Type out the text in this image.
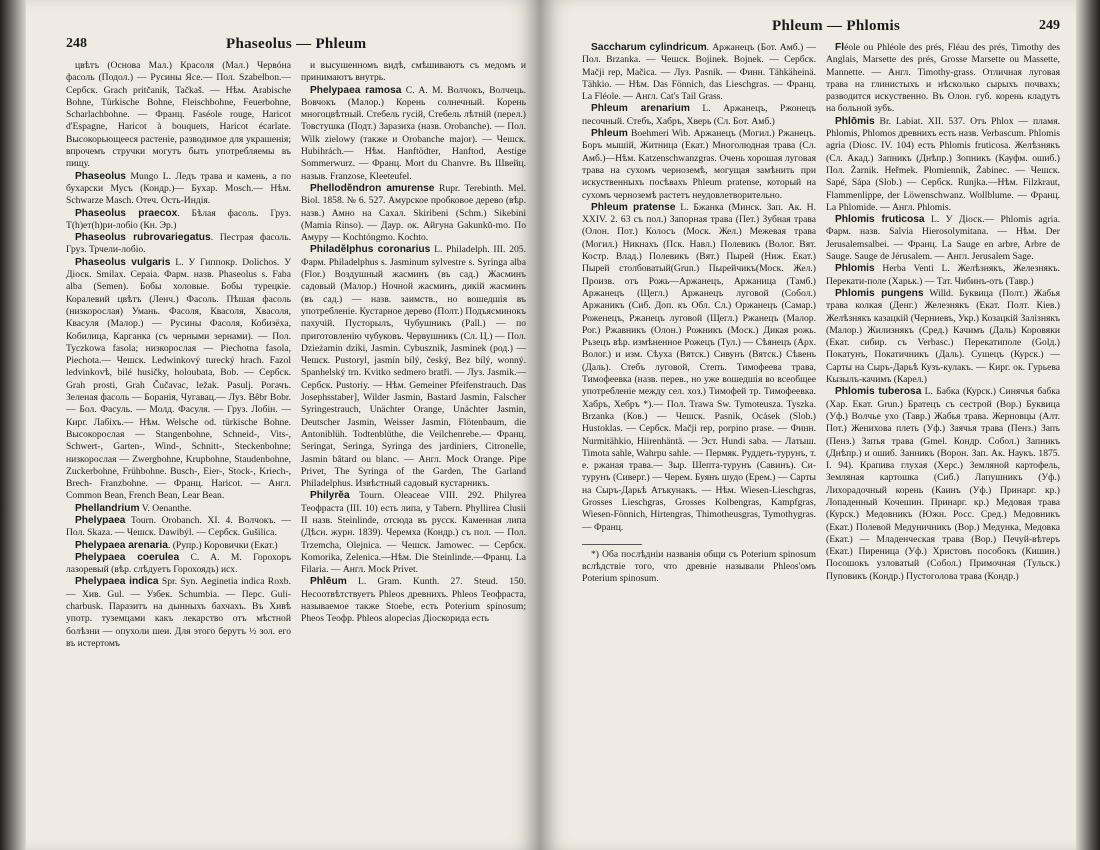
248	Phaseolus — Phleum

цвѣтъ (Основа Мал.) Красоля (Мал.) Червóна фасоль (Подол.) — Русины Ясе.— Пол. Szabelbon.— Сербск. Grach pritčanik, Tačkaš. — Нѣм. Arabische Bohne, Türkische Bohne, Fleischbohne, Feuerbohne, Scharlachbohne. — Франц. Faséole rouge, Haricot d'Espagne, Haricot à bouquets, Haricot écarlate. Высокорьющееся растеніе, разводимое для украшенія; впрочемъ стручки могутъ быть употребляемы въ пищу.

Phaseolus Mungo L. Ледъ трава и камень, а по бухарски Мусъ (Кондр.)— Бухар. Mosch.— Нѣм. Schwarze Masch. Отеч. Ость-Индія.

Phaseolus praecox. Бѣлая фасоль. Груз. Т(h)ет(h)ри-лобіо (Кн. Эр.)

Phaseolus rubrovariegatus. Пестрая фасоль. Груз. Трчели-лобіо.

Phaseolus vulgaris L. У Гиппокр. Dolichos. У Діоск. Smilax. Cepaia. Фарм. назв. Phaseolus s. Faba alba (Semen). Бобы холовые. Бобы турецкіе. Коралевий цвѣтъ (Ленч.) Фасоль. Пѣшая фасоль (низкорослая) Умань. Фасоля, Квасоля, Хвасоля, Квасуля (Малор.) — Русины Фасоля, Кобизёха, Кобилица, Карганка (съ черными зернами). — Пол. Tyczkowa fasola; низкорослая — Piechotna fasola, Piechota.— Чешск. Ledwinkový turecký hrach. Fazol ledvinkovѣ, bilé husičky, holoubata, Bob. — Сербск. Grah prosti, Grah Čučavac, ležak. Pasulj. Рогачъ. Зеленая фасоль — Боранія, Чугавац.— Луз. Bêbr Bobr. — Бол. Фасуль. — Молд. Фасуля. — Груз. Лобін. — Кирг. Лабіхъ.— Нѣм. Welsche od. türkische Bohne. Высокорослая — Stangenbohne, Schneid-, Vits-, Schwert-, Garten-, Wind-, Schnitt-, Steckenbohne; низкорослая — Zwergbohne, Krupbohne, Staudenbohne, Zuckerbohne, Frühbohne. Busch-, Eier-, Stock-, Kriech-, Brech- Franzbohne. — Франц. Haricot. — Англ. Common Bean, French Bean, Lear Bean.

Phellandrium V. Oenanthe.

Phelypaea Tourn. Orobanch. XI. 4. Волчокъ. — Пол. Skaza. — Чешск. Dawibýl. — Сербск. Gušilica.

Phelypaea arenaria. (Рупр.) Коровички (Екат.)

Phelypaea coerulea C. A. M. Горохоръ лазоревый (вѣр. слѣдуетъ Горохоядъ) исх.

Phelypaea indica Spr. Syn. Aeginetia indica Roxb. — Хив. Gul. — Узбек. Schumbia. — Перс. Guli-charbusk. Паразитъ на дынныхъ бахчахъ. Въ Хивѣ употр. туземцами какъ лекарство отъ мѣстной болѣзни — опухоли шеи. Для этого берутъ ½ зол. его въ истертомъ

и высушенномъ видѣ, смѣшиваютъ съ медомъ и принимаютъ внутрь.

Phelypaea ramosa C. A. M. Волчокъ, Волчець. Вовчокъ (Малор.) Корень солнечный. Корень многоцвѣтный. Стебель гусій, Стебель лѣтній (перел.) Товстушка (Подт.) Заразиха (назв. Orobanche). — Пол. Wilk zielowy (также и Orobanche major). — Чешск. Hubihrách.— Нѣм. Hanftödter, Hanftod, Aestige Sommerwurz. — Франц. Mort du Chanvre. Въ Швейц. назыв. Franzose, Kleeteufel.

Phellodĕndron amurense Rupr. Terebinth. Mel. Biol. 1858. № 6. 527. Амурское пробковое дерево (вѣр. назв.) Амно на Сахал. Skiribeni (Schm.) Sikebini (Mamia Rinso). — Даур. ок. Айгуна Gakunkŭ-mo. По Амуру — Kochtóngmo. Kochto.

Philadĕlphus coronarius L. Philadelph. III. 205. Фарм. Philadelphus s. Jasminum sylvestre s. Syringa alba (Flor.) Воздушный жасминъ (въ сад.) Жасминъ садовый (Малор.) Ночной жасминъ, дикій жасминъ (въ сад.) — назв. заимств., но вошедшія въ употребленіе. Кустарное дерево (Полт.) Подъясминокъ пахучій. Пусторылъ, Чубушникъ (Pall.) — по приготовленію чубуковъ. Червушникъ (Сл. Ц.) — Пол. Dzieżamin dziki, Jasmin. Cybusznik, Jasminek (род.) — Чешск. Pustoryl, jasmín bílý, český, Bez bílý, wonný. Spanhelský trn. Kvitko sedmero bratři. — Луз. Jasmik.— Сербск. Pustoriy. — Нѣм. Gemeiner Pfeifenstrauch. Das Josephsstaber], Wilder Jasmin, Bastard Jasmin, Falscher Syringestrauch, Unächter Orange, Unächter Jasmin, Deutscher Jasmin, Weisser Jasmin, Flötenbaum, die Antoniblüh. Todtenblüthe, die Veilchenrebe.— Франц. Seringat, Seringa, Syringa des jardiniers, Citronelle, Jasmin bâtard ou blanc. — Англ. Mock Orange. Pipe Privet, The Syringa of the Garden, The Garland Philadelphus. Извѣстный садовый кустарникъ.

Philyrĕa Tourn. Oleaceae VIII. 292. Philyrea Теофраста (III. 10) есть липа, у Tabern. Phyllirea Clusii II назв. Steinlinde, отсюда въ русск. Каменная липа (Дѣсн. журн. 1839). Черемха (Кондр.) съ пол. — Пол. Trzemcha, Olejnica. — Чешск. Jamowec. — Сербск. Komorika, Zelenica.—Нѣм. Die Steinlinde.—Франц. La Filaria. — Англ. Mock Privet.

Phlēum L. Gram. Kunth. 27. Steud. 150. Несоотвѣтствуетъ Phleos древнихъ. Phleos Теофраста, называемое также Stoebe, есть Poterium spinosum; Pheos Теофр. Phleos alopecias Діоскорида есть

Phleum — Phlomis	249

Saccharum cylindricum. Аржанецъ (Бот. Амб.) — Пол. Brzanka. — Чешск. Bojinek. Bojnek. — Сербск. Mačji rep, Mačica. — Луз. Pasnik. — Финн. Tähkäheinä. Tähkio. — Нѣм. Das Fönnich, das Lieschgras. — Франц. La Fléole. — Англ. Cat's Tail Grass.

Phleum arenarium L. Аржанецъ, Ржонецъ песочный. Стебъ, Хабръ, Хверь (Сл. Бот. Амб.)

Phleum Boehmeri Wib. Аржанецъ (Могил.) Ржанецъ. Боръ мышій, Житница (Екат.) Многолюдная трава (Сл. Амб.)—Нѣм. Katzenschwanzgras. Очень хорошая луговая трава на сухомъ черноземѣ, могущая замѣнить при искуственныхъ посѣвахъ Phleum pratense, который на сухомъ черноземѣ растетъ неудовлетворительно.

Phleum pratense L. Бжанка (Минск. Зап. Ак. Н. XXIV. 2. 63 съ пол.) Запорная трава (Пет.) Зубная трава (Олон. Пот.) Колосъ (Моск. Жел.) Межевая трава (Могил.) Никнахъ (Пск. Навл.) Полевикъ (Волог. Вят. Костр. Влад.) Полевикъ (Вят.) Пырей (Ниж. Екат.) Пырей столбоватый(Grun.) Пырейчикъ(Моск. Жел.) Произв. отъ Рожь—Аржанецъ, Аржаница (Тамб.) Аржанецъ (Щегл.) Аржанецъ луговой (Собол.) Аржаникъ (Сиб. Доп. къ Обл. Сл.) Оржанецъ (Самар.) Роженецъ, Ржанецъ луговой (Щегл.) Ржанецъ (Малор. Рог.) Ржавникъ (Олон.) Рожникъ (Моск.) Дикая рожь. Ръзецъ вѣр. измѣненное Рожецъ (Тул.) — Сѣянецъ (Арх. Волог.) и изм. Сѣуха (Вятск.) Сивунъ (Вятск.) Сѣвень (Даль). Стебъ луговой, Степъ. Тимофеева трава, Тимофеевка (назв. перев., но уже вошедшія во всеобщее употребленіе между сел. хоз.) Тимофей тр. Тимофеевка. Хабръ, Хебръ *).— Пол. Trawa Sw. Tymoteusza. Tyszka. Brzanka (Ков.) — Чешск. Pasnik, Ocásek (Slob.) Hustoklas. — Сербск. Mačji rep, porpino prase. — Финн. Nurmitähkio, Hiirenhäntä. — Эст. Hundi saba. — Латыш. Timota sahle, Wahrpu sahle. — Пермяк. Руддеть-турунъ, т. е. ржаная трава.— Зыр. Шепта-турунъ (Савинъ). Си-турунъ (Сиверг.) — Черем. Буянъ шудо (Ерем.) — Сарты на Сыръ-Дарьѣ Атъкунакъ. — Нѣм. Wiesen-Lieschgras, Grosses Lieschgras, Grosses Kolbengras, Kampfgras, Wiesen-Fönnich, Hirtengras, Thimotheusgras, Tymothygras.— Франц.

*) Оба послѣдніи названія общи съ Poterium spinosum вслѣдствіе того, что древніе называли Phleos'омъ Poterium spinosum.

Fléole ou Phléole des prés, Fléau des prés, Timothy des Anglais, Marsette des prés, Grosse Marsette ou Massette, Mannette. — Англ. Timothy-grass. Отличная луговая трава на глинистыхъ и нѣсколько сырыхъ почвахъ; разводится искуственно. Въ Олон. губ. корень кладутъ на больной зубъ.

Phlōmis Br. Labiat. XII. 537. Отъ Phlox — пламя. Phlomis, Phlomos древнихъ есть назв. Verbascum. Phlomis agria (Diosc. IV. 104) есть Phlomis fruticosa. Желѣзнякъ (Сл. Акад.) Запникъ (Днѣпр.) Зопникъ (Кауфм. ошиб.) Пол. Żarnik. Heřmek. Płomiennik, Żabinec. — Чешск. Sapé, Sápa (Slob.) — Сербск. Runjka.—Нѣм. Filzkraut, Flammenlippe, der Löwenschwanz. Wollblume. — Франц. La Phlomide. — Англ. Phlomis.

Phlomis fruticosa L. У Діоск.— Phlomis agria. Фарм. назв. Salvia Hierosolymitana. — Нѣм. Der Jerusalemsalbei. — Франц. La Sauge en arbre, Arbre de Sauge. Sauge de Jérusalem. — Англ. Jerusalem Sage.

Phlomis Herba Venti L. Желѣзнякъ, Железнякъ. Перекати-поле (Харьк.) — Тат. Чибинъ-отъ (Тавр.)

Phlomis pungens Willd. Буквица (Полт.) Жабья трава колкая (Денг.) Железнякъ (Екат. Полт. Кіев.) Желѣзнякъ казацкій (Черниевъ, Укр.) Козацкій Залізнякъ (Малор.) Жилизнякъ (Сред.) Качимъ (Даль) Коровяки (Екат. сибир. съ Verbasc.) Перекатиполе (Golд.) Покатунъ, Покатичникъ (Даль). Сушецъ (Курск.) — Сарты на Сыръ-Дарьѣ Кузъ-кулакъ. — Кирг. ок. Гурьева Кызылъ-качимъ (Карел.)

Phlomis tuberosa L. Бабка (Курск.) Синячья бабка (Хар. Екат. Grun.) Братецъ съ сестрой (Вор.) Буквица (Уф.) Волчье ухо (Тавр.) Жабья трава. Жерновцы (Алт. Пот.) Женихова плеть (Уф.) Заячья трава (Пенз.) Запъ (Пенз.) Запъя трава (Gmel. Кондр. Собол.) Запникъ (Днѣпр.) и ошиб. Занникъ (Ворон. Зап. Ак. Наукъ. 1875. I. 94). Крапива глухая (Херс.) Земляной картофель, Земляная картошка (Сиб.) Лапушникъ (Уф.) Лихорадочный корень (Каинъ (Уф.) Принарг. кр.) Лопаденный Кочешин. Принарг. кр.) Медовая трава (Курск.) Медовникъ (Южн. Росс. Сред.) Медовникъ (Екат.) Полевой Медуничникъ (Вор.) Медунка, Медовка (Екат.) — Младенческая трава (Вор.) Печуй-вѣтеръ (Екат.) Пиреница (Уф.) Христовъ пособокъ (Кишин.) Посошокъ узловатый (Собол.) Примочная (Тульск.) Пуповикъ (Кондр.) Пустоголова трава (Кондр.)
